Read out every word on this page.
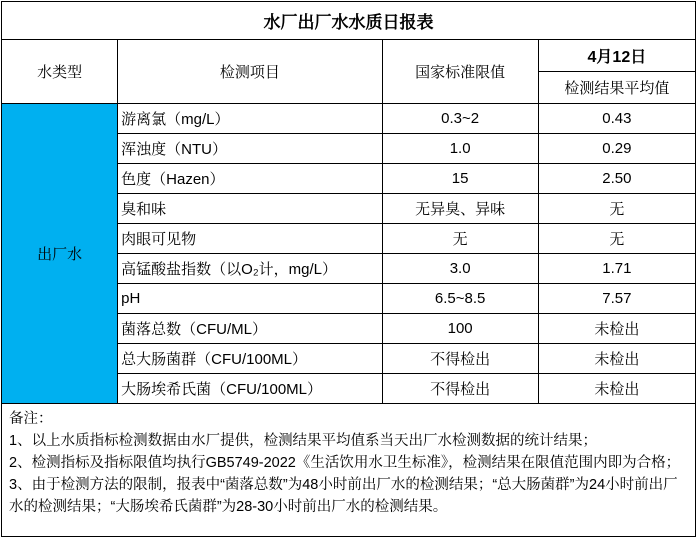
水厂出厂水水质日报表			
水类型	检测项目	国家标准限值	4月12日
			检测结果平均值
出厂水	游离氯（mg/L）	0.3~2	0.43
	浑浊度（NTU）	1.0	0.29
	色度（Hazen）	15	2.50
	臭和味	无异臭、异味	无
	肉眼可见物	无	无
	高锰酸盐指数（以O₂计，mg/L）	3.0	1.71
	pH	6.5~8.5	7.57
	菌落总数（CFU/ML）	100	未检出
	总大肠菌群（CFU/100ML）	不得检出	未检出
	大肠埃希氏菌（CFU/100ML）	不得检出	未检出

备注：
1、以上水质指标检测数据由水厂提供，检测结果平均值系当天出厂水检测数据的统计结果；
2、检测指标及指标限值均执行GB5749-2022《生活饮用水卫生标准》，检测结果在限值范围内即为合格；
3、由于检测方法的限制，报表中“菌落总数”为48小时前出厂水的检测结果；“总大肠菌群”为24小时前出厂水的检测结果；“大肠埃希氏菌群”为28-30小时前出厂水的检测结果。			
